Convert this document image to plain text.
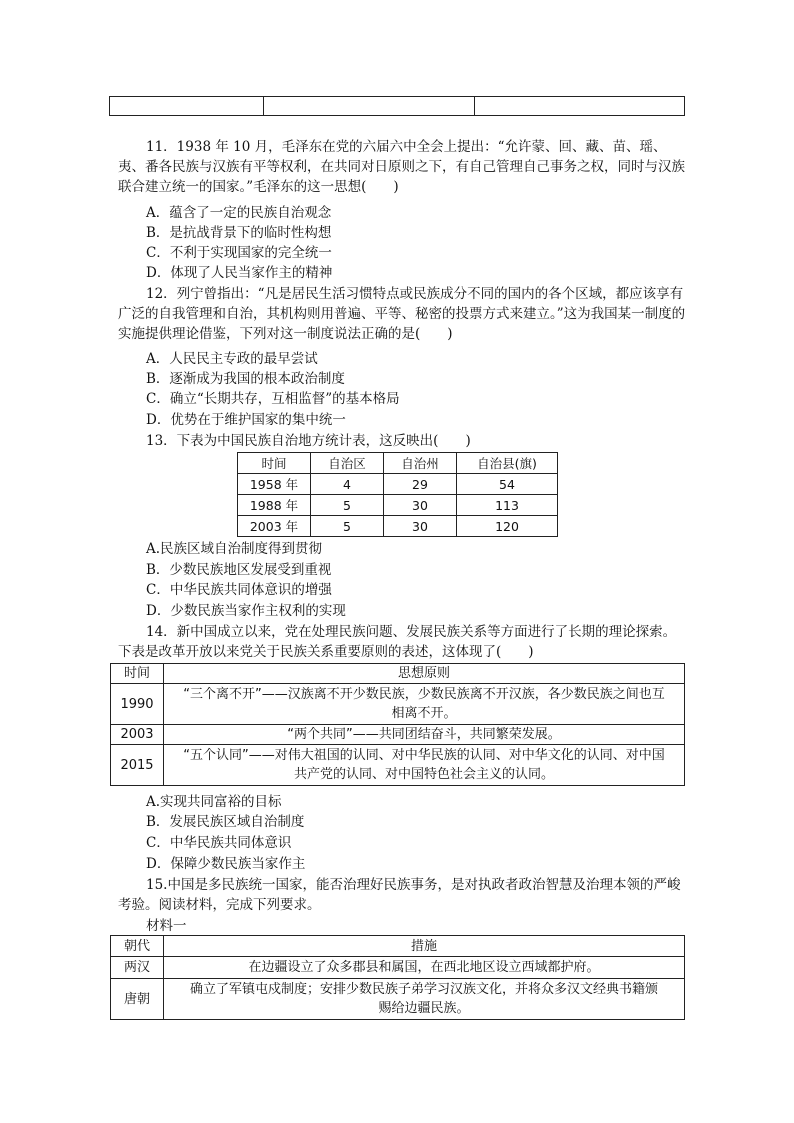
11．1938 年 10 月，毛泽东在党的六届六中全会上提出：“允许蒙、回、藏、苗、瑶、夷、番各民族与汉族有平等权利，在共同对日原则之下，有自己管理自己事务之权，同时与汉族联合建立统一的国家。”毛泽东的这一思想(　　)
A．蕴含了一定的民族自治观念
B．是抗战背景下的临时性构想
C．不利于实现国家的完全统一
D．体现了人民当家作主的精神
12．列宁曾指出：“凡是居民生活习惯特点或民族成分不同的国内的各个区域，都应该享有广泛的自我管理和自治，其机构则用普遍、平等、秘密的投票方式来建立。”这为我国某一制度的实施提供理论借鉴，下列对这一制度说法正确的是(　　)
A．人民民主专政的最早尝试
B．逐渐成为我国的根本政治制度
C．确立“长期共存，互相监督”的基本格局
D．优势在于维护国家的集中统一
13．下表为中国民族自治地方统计表，这反映出(　　)
时间	自治区	自治州	自治县(旗)
1958 年	4	29	54
1988 年	5	30	113
2003 年	5	30	120
A.民族区域自治制度得到贯彻
B．少数民族地区发展受到重视
C．中华民族共同体意识的增强
D．少数民族当家作主权利的实现
14．新中国成立以来，党在处理民族问题、发展民族关系等方面进行了长期的理论探索。
下表是改革开放以来党关于民族关系重要原则的表述，这体现了(　　)
时间	思想原则
1990	“三个离不开”——汉族离不开少数民族，少数民族离不开汉族，各少数民族之间也互相离不开。
2003	“两个共同”——共同团结奋斗，共同繁荣发展。
2015	“五个认同”——对伟大祖国的认同、对中华民族的认同、对中华文化的认同、对中国共产党的认同、对中国特色社会主义的认同。
A.实现共同富裕的目标
B．发展民族区域自治制度
C．中华民族共同体意识
D．保障少数民族当家作主
15.中国是多民族统一国家，能否治理好民族事务，是对执政者政治智慧及治理本领的严峻考验。阅读材料，完成下列要求。
材料一
朝代	措施
两汉	在边疆设立了众多郡县和属国，在西北地区设立西域都护府。
唐朝	确立了军镇屯戍制度；安排少数民族子弟学习汉族文化，并将众多汉文经典书籍颁赐给边疆民族。
